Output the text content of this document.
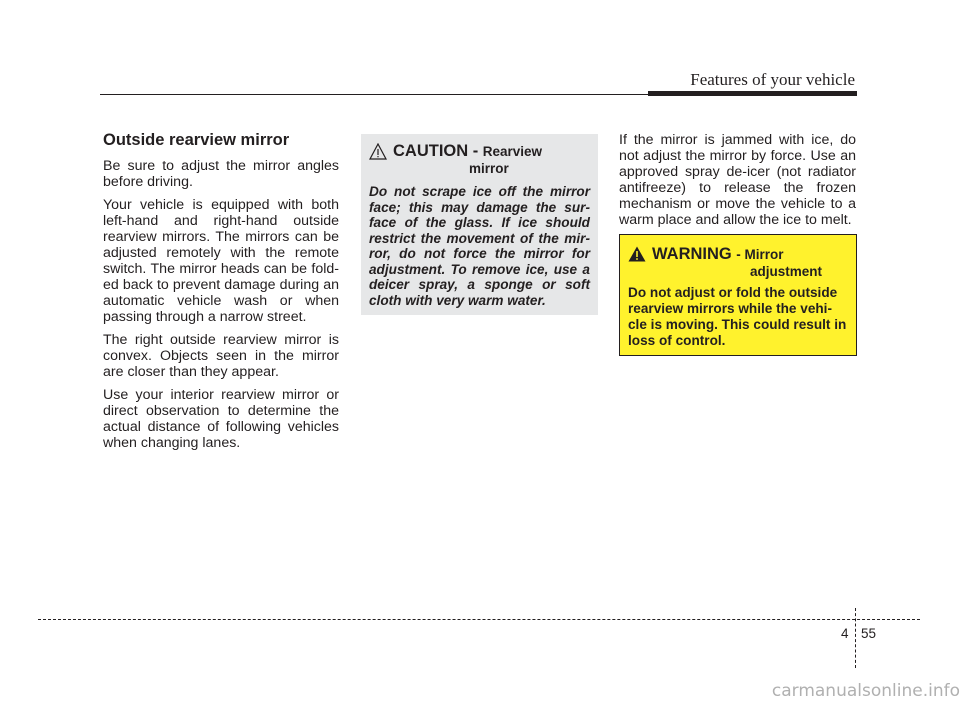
Features of your vehicle
Outside rearview mirror

Be sure to adjust the mirror angles before driving.

Your vehicle is equipped with both left-hand and right-hand outside rearview mirrors. The mirrors can be adjusted remotely with the remote switch. The mirror heads can be fold-ed back to prevent damage during an automatic vehicle wash or when passing through a narrow street.

The right outside rearview mirror is convex. Objects seen in the mirror are closer than they appear.

Use your interior rearview mirror or direct observation to determine the actual distance of following vehicles when changing lanes.

CAUTION - Rearview
mirror
Do not scrape ice off the mirror face; this may damage the sur-face of the glass. If ice should restrict the movement of the mir-ror, do not force the mirror for adjustment. To remove ice, use a deicer spray, a sponge or soft cloth with very warm water.

If the mirror is jammed with ice, do not adjust the mirror by force. Use an approved spray de-icer (not radiator antifreeze) to release the frozen mechanism or move the vehicle to a warm place and allow the ice to melt.

WARNING - Mirror
adjustment
Do not adjust or fold the outside rearview mirrors while the vehi-cle is moving. This could result in loss of control.
4 55
carmanualsonline.info
